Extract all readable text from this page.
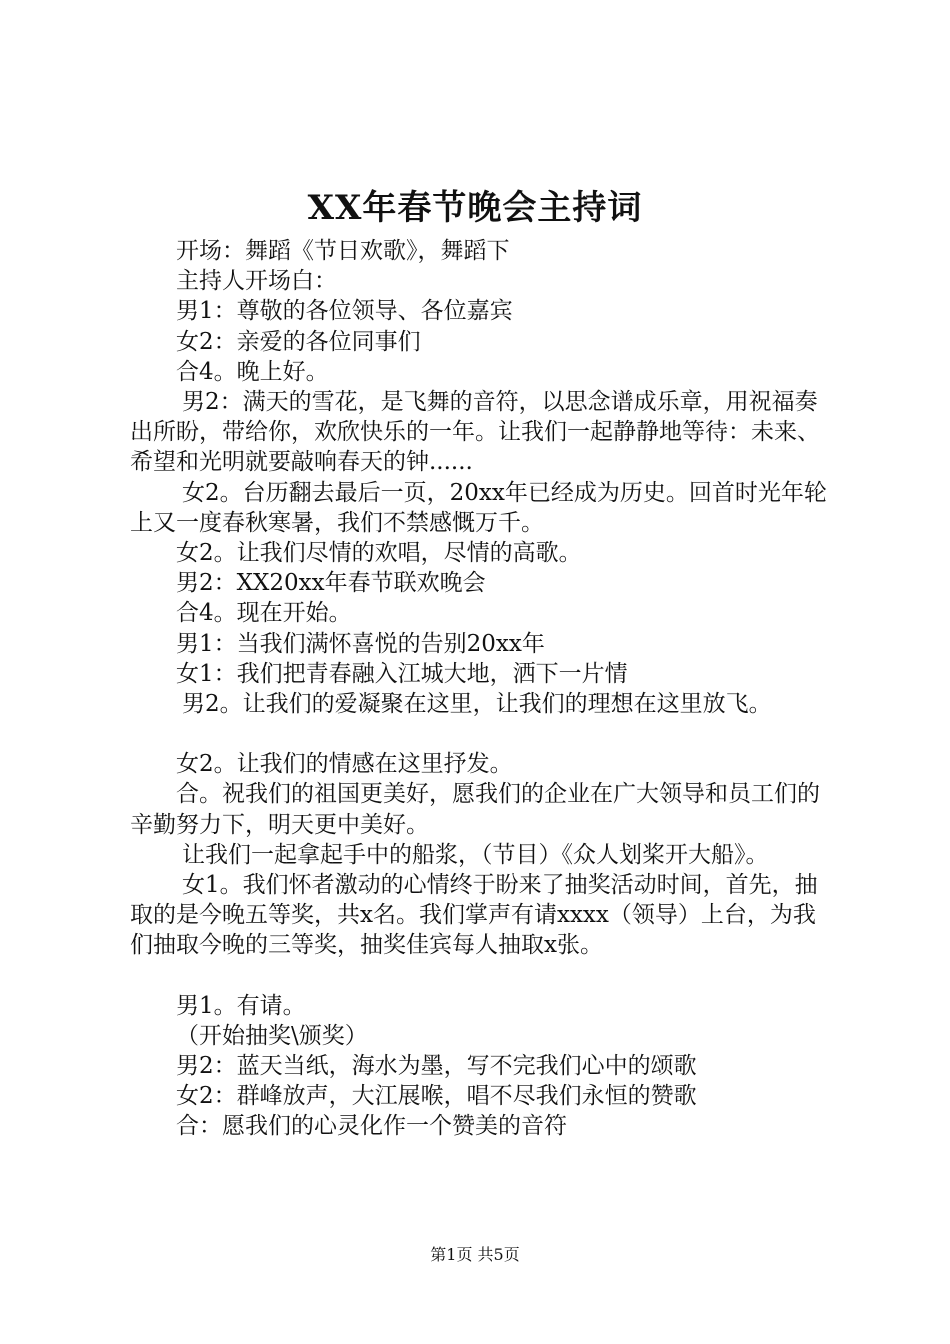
XX年春节晚会主持词

开场：舞蹈《节日欢歌》，舞蹈下

主持人开场白：

男1：尊敬的各位领导、各位嘉宾

女2：亲爱的各位同事们

合4。晚上好。

男2：满天的雪花，是飞舞的音符，以思念谱成乐章，用祝福奏出所盼，带给你，欢欣快乐的一年。让我们一起静静地等待：未来、希望和光明就要敲响春天的钟......

女2。台历翻去最后一页，20xx年已经成为历史。回首时光年轮上又一度春秋寒暑，我们不禁感慨万千。

女2。让我们尽情的欢唱，尽情的高歌。

男2：XX20xx年春节联欢晚会

合4。现在开始。

男1：当我们满怀喜悦的告别20xx年

女1：我们把青春融入江城大地，洒下一片情

男2。让我们的爱凝聚在这里，让我们的理想在这里放飞。

女2。让我们的情感在这里抒发。

合。祝我们的祖国更美好，愿我们的企业在广大领导和员工们的辛勤努力下，明天更中美好。

让我们一起拿起手中的船浆，（节目）《众人划桨开大船》。

女1。我们怀者激动的心情终于盼来了抽奖活动时间，首先，抽取的是今晚五等奖，共x名。我们掌声有请xxxx（领导）上台，为我们抽取今晚的三等奖，抽奖佳宾每人抽取x张。

男1。有请。

（开始抽奖\颁奖）

男2：蓝天当纸，海水为墨，写不完我们心中的颂歌

女2：群峰放声，大江展喉，唱不尽我们永恒的赞歌

合：愿我们的心灵化作一个赞美的音符

第1页 共5页
